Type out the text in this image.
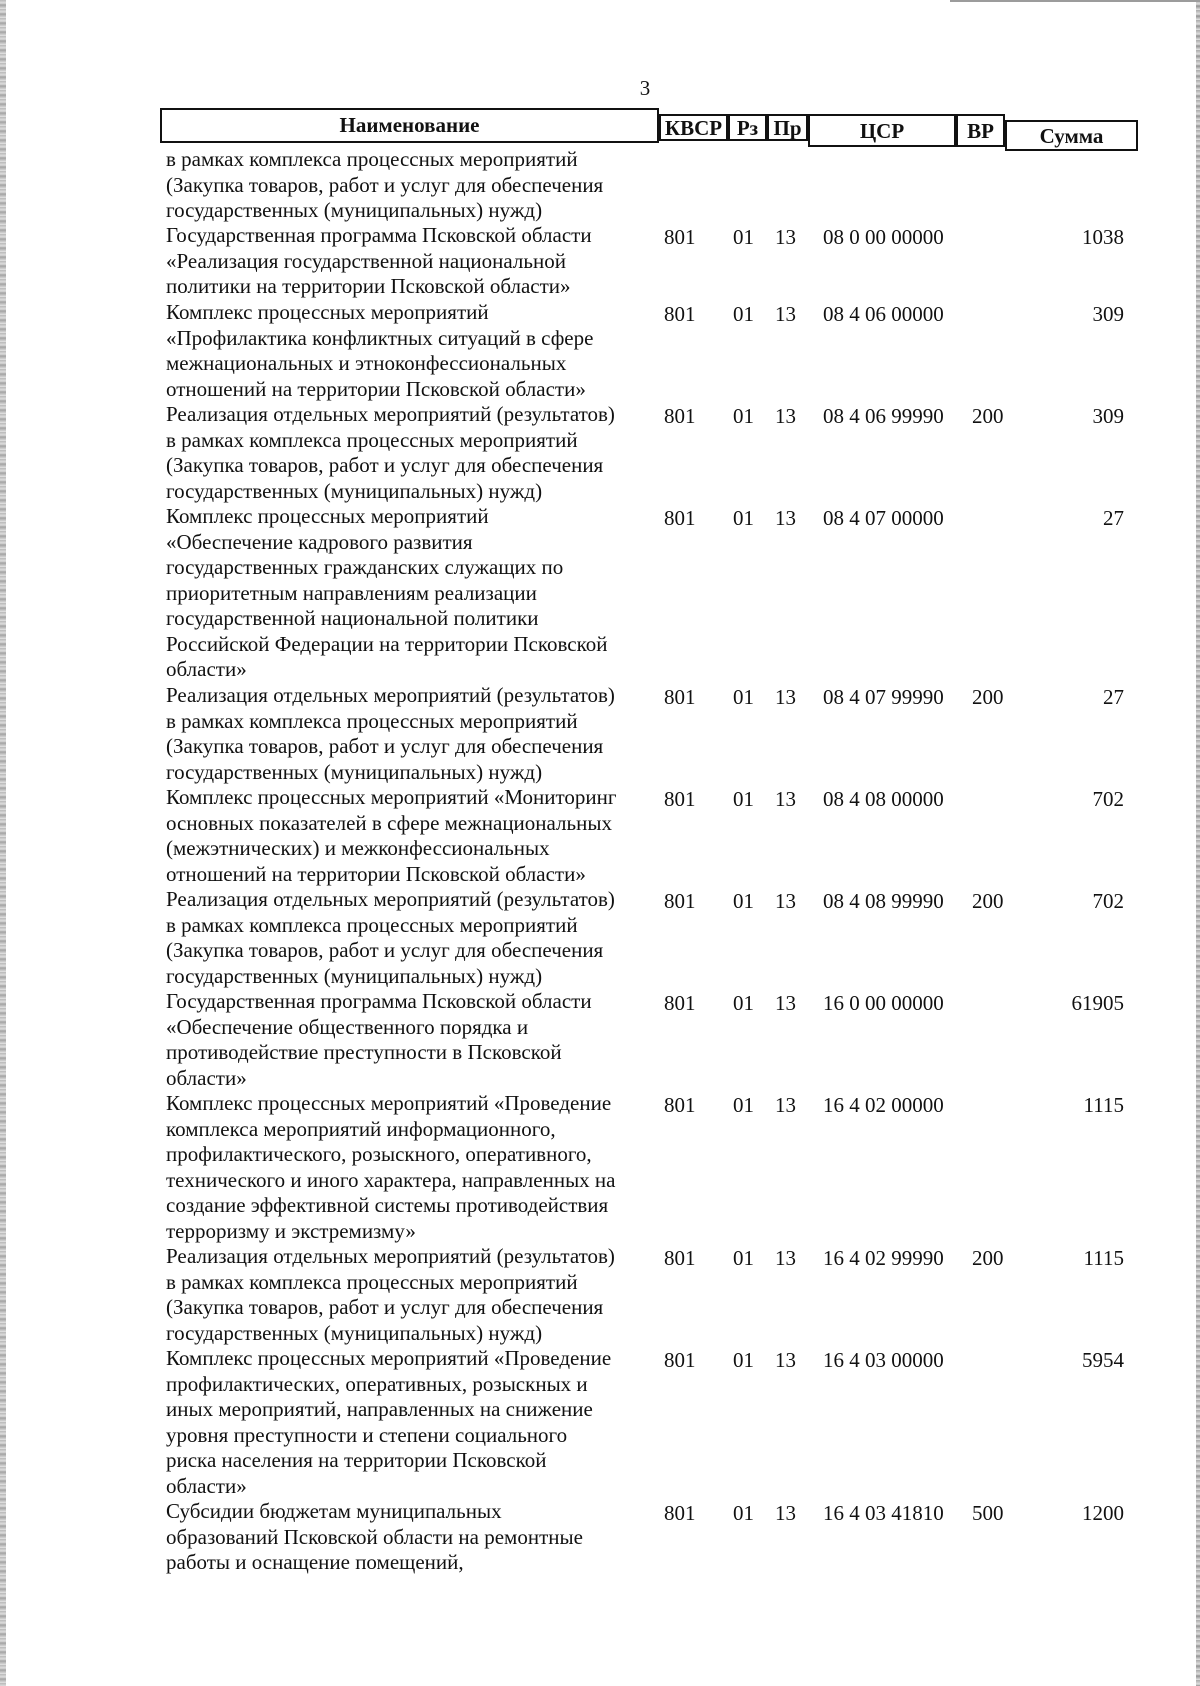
3
Наименование	КВСР Рз Пр	ЦСР	ВР	Сумма
в рамках комплекса процессных мероприятий
(Закупка товаров, работ и услуг для обеспечения
государственных (муниципальных) нужд)
Государственная программа Псковской области
«Реализация государственной национальной
политики на территории Псковской области»
801 01 13 08 0 00 00000	1038
Комплекс процессных мероприятий
«Профилактика конфликтных ситуаций в сфере
межнациональных и этноконфессиональных
отношений на территории Псковской области»
801 01 13 08 4 06 00000	309
Реализация отдельных мероприятий (результатов)
в рамках комплекса процессных мероприятий
(Закупка товаров, работ и услуг для обеспечения
государственных (муниципальных) нужд)
801 01 13 08 4 06 99990 200	309
Комплекс процессных мероприятий
«Обеспечение кадрового развития
государственных гражданских служащих по
приоритетным направлениям реализации
государственной национальной политики
Российской Федерации на территории Псковской
области»
801 01 13 08 4 07 00000	27
Реализация отдельных мероприятий (результатов)
в рамках комплекса процессных мероприятий
(Закупка товаров, работ и услуг для обеспечения
государственных (муниципальных) нужд)
801 01 13 08 4 07 99990 200	27
Комплекс процессных мероприятий «Мониторинг
основных показателей в сфере межнациональных
(межэтнических) и межконфессиональных
отношений на территории Псковской области»
801 01 13 08 4 08 00000	702
Реализация отдельных мероприятий (результатов)
в рамках комплекса процессных мероприятий
(Закупка товаров, работ и услуг для обеспечения
государственных (муниципальных) нужд)
801 01 13 08 4 08 99990 200	702
Государственная программа Псковской области
«Обеспечение общественного порядка и
противодействие преступности в Псковской
области»
801 01 13 16 0 00 00000	61905
Комплекс процессных мероприятий «Проведение
комплекса мероприятий информационного,
профилактического, розыскного, оперативного,
технического и иного характера, направленных на
создание эффективной системы противодействия
терроризму и экстремизму»
801 01 13 16 4 02 00000	1115
Реализация отдельных мероприятий (результатов)
в рамках комплекса процессных мероприятий
(Закупка товаров, работ и услуг для обеспечения
государственных (муниципальных) нужд)
801 01 13 16 4 02 99990 200	1115
Комплекс процессных мероприятий «Проведение
профилактических, оперативных, розыскных и
иных мероприятий, направленных на снижение
уровня преступности и степени социального
риска населения на территории Псковской
области»
801 01 13 16 4 03 00000	5954
Субсидии бюджетам муниципальных
образований Псковской области на ремонтные
работы и оснащение помещений,
801 01 13 16 4 03 41810 500	1200
